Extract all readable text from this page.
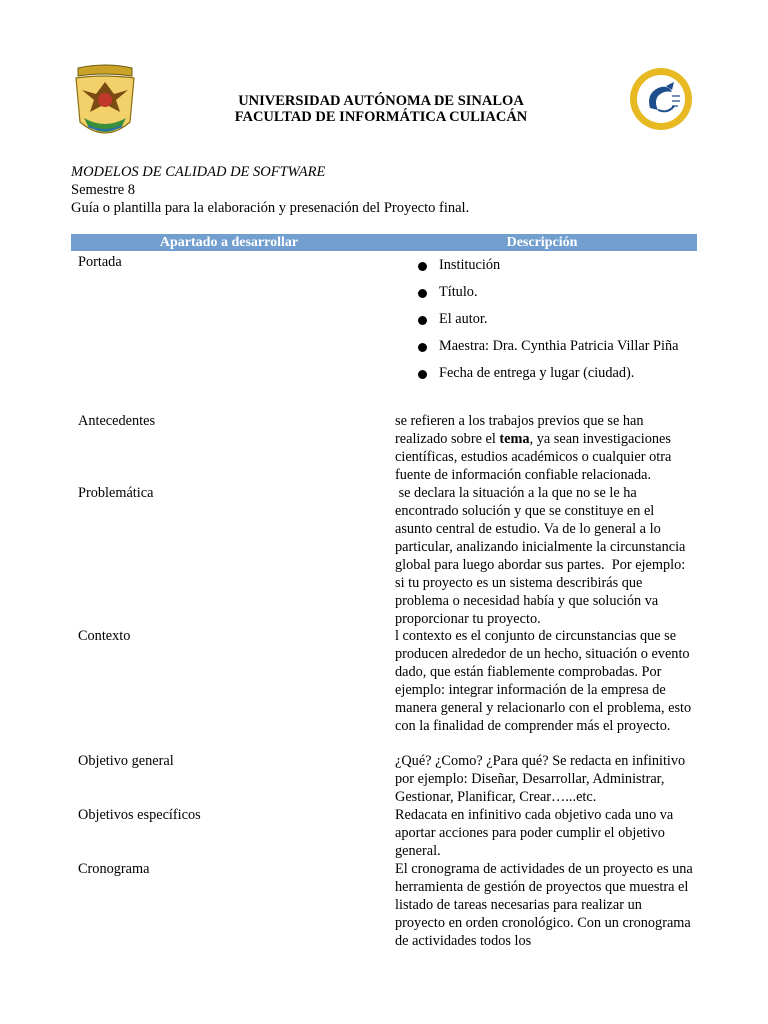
UNIVERSIDAD AUTÓNOMA DE SINALOA
FACULTAD DE INFORMÁTICA CULIACÁN
MODELOS DE CALIDAD DE SOFTWARE
Semestre 8
Guía o plantilla para la elaboración y presenación del Proyecto final.
Apartado a desarrollar	Descripción
Portada	Institución
Título.
El autor.
Maestra: Dra. Cynthia Patricia Villar Piña
Fecha de entrega y lugar (ciudad).
Antecedentes	se refieren a los trabajos previos que se han realizado sobre el tema, ya sean investigaciones científicas, estudios académicos o cualquier otra fuente de información confiable relacionada.
Problemática	se declara la situación a la que no se le ha encontrado solución y que se constituye en el asunto central de estudio. Va de lo general a lo particular, analizando inicialmente la circunstancia global para luego abordar sus partes.  Por ejemplo: si tu proyecto es un sistema describirás que problema o necesidad había y que solución va proporcionar tu proyecto.
Contexto	l contexto es el conjunto de circunstancias que se producen alrededor de un hecho, situación o evento dado, que están fiablemente comprobadas. Por ejemplo: integrar información de la empresa de manera general y relacionarlo con el problema, esto con la finalidad de comprender más el proyecto.
Objetivo general	¿Qué? ¿Como? ¿Para qué? Se redacta en infinitivo por ejemplo: Diseñar, Desarrollar, Administrar, Gestionar, Planificar, Crear…...etc.
Objetivos específicos	Redacata en infinitivo cada objetivo cada uno va aportar acciones para poder cumplir el objetivo general.
Cronograma	El cronograma de actividades de un proyecto es una herramienta de gestión de proyectos que muestra el listado de tareas necesarias para realizar un proyecto en orden cronológico. Con un cronograma de actividades todos los
